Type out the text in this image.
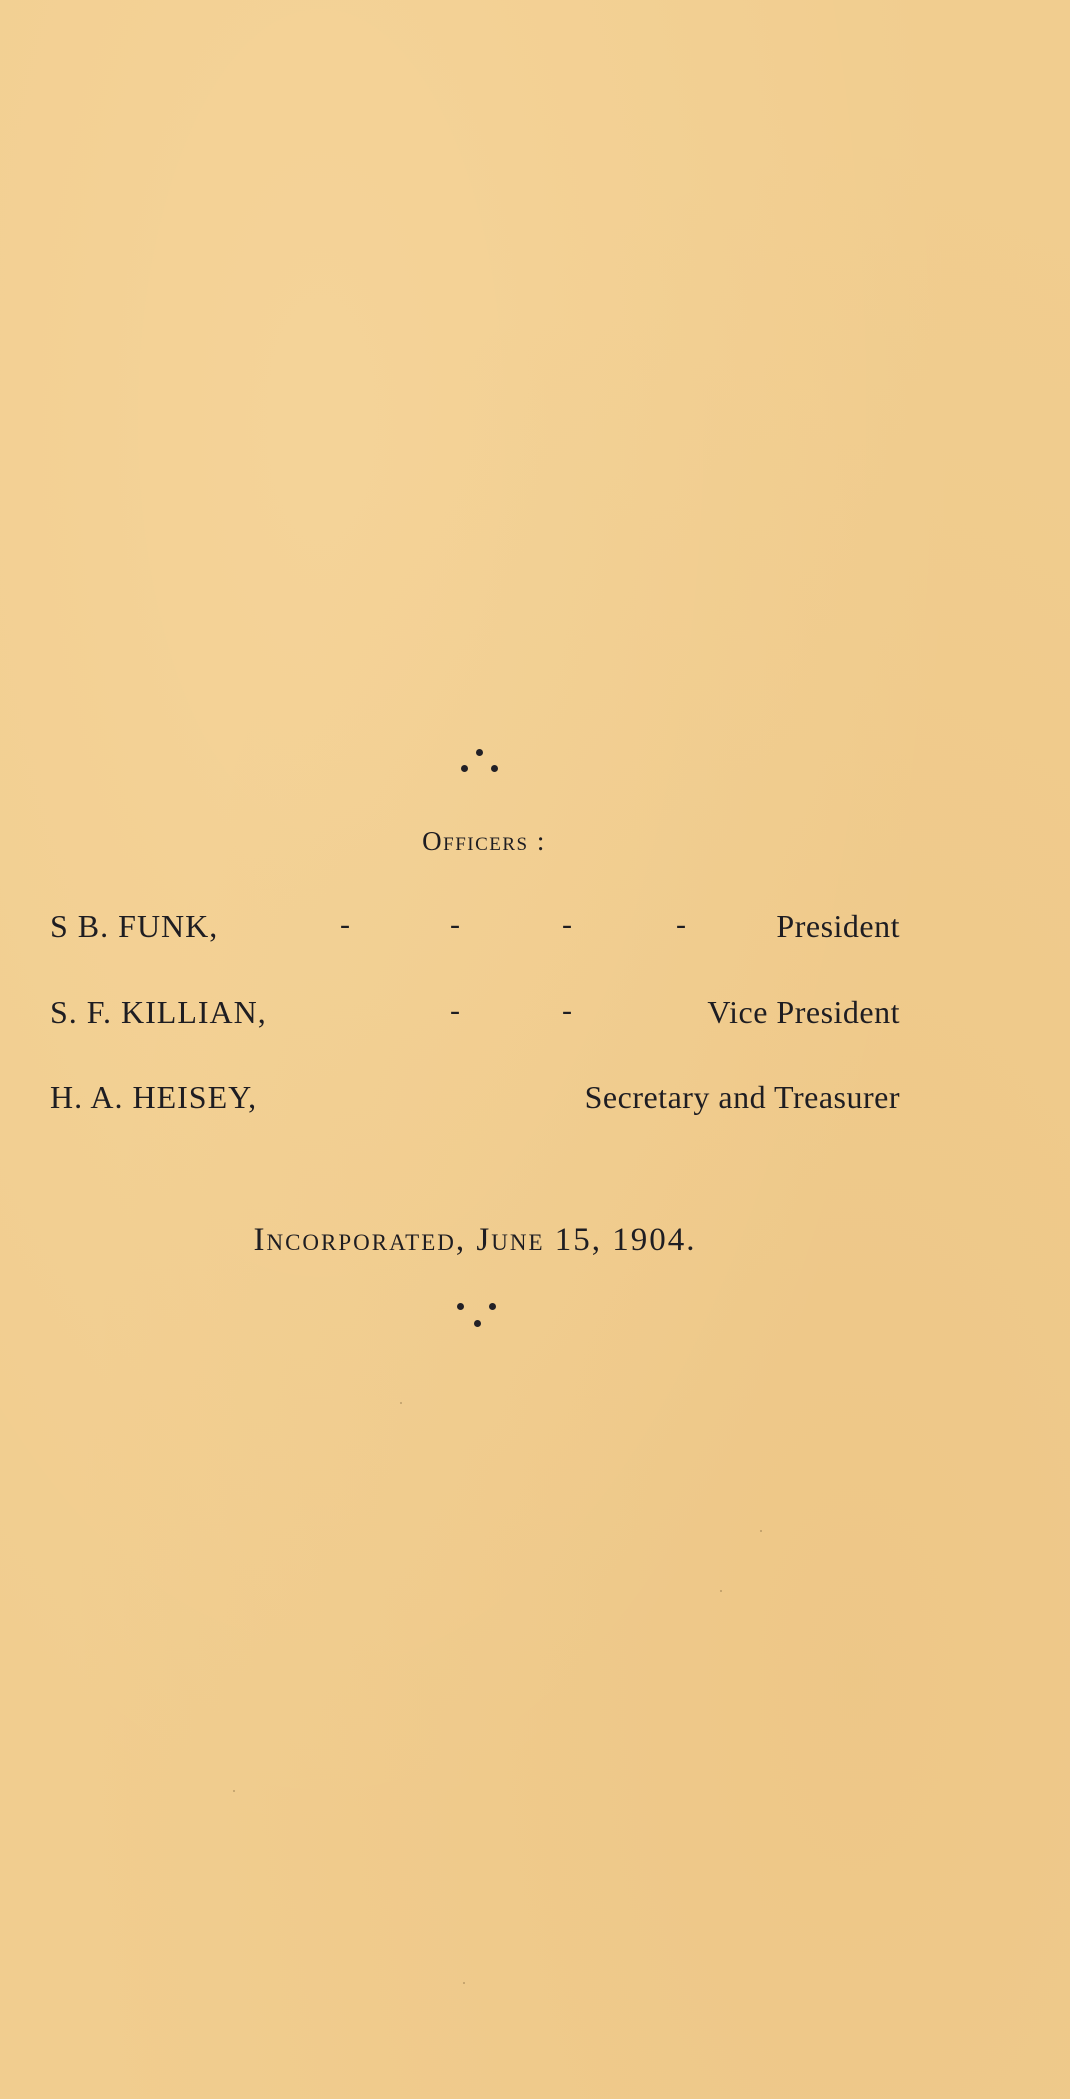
Officers :
S B. FUNK,	-	-	-	-	President
S. F. KILLIAN,	-	-	Vice President
H. A. HEISEY,	Secretary and Treasurer
Incorporated, June 15, 1904.
